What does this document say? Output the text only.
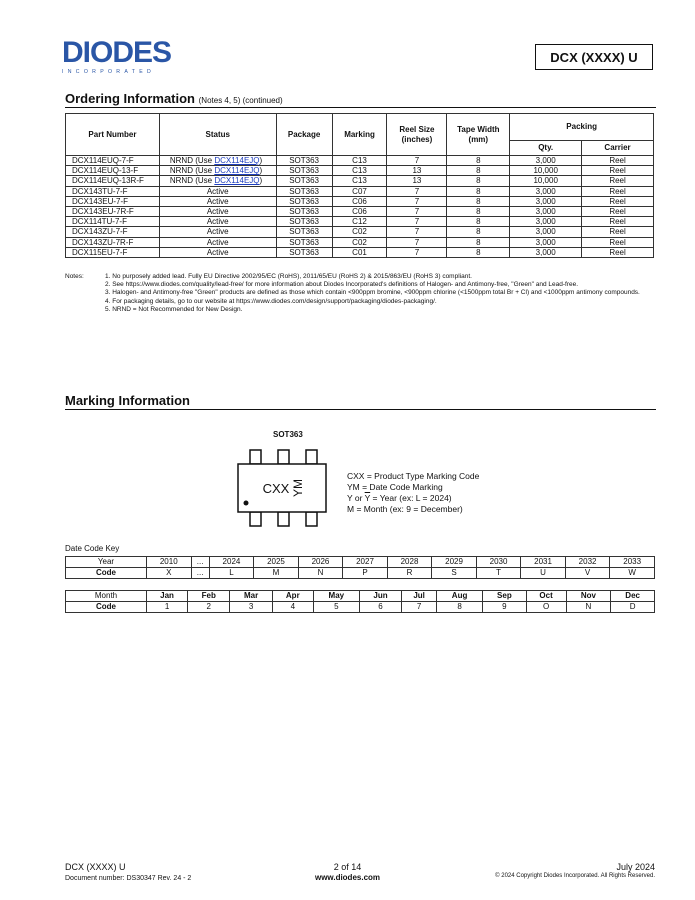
DIODES
INCORPORATED
DCX (XXXX) U
Ordering Information (Notes 4, 5) (continued)
Part Number	Status	Package	Marking	Reel Size (inches)	Tape Width (mm)	Packing	
						Qty.	Carrier
DCX114EUQ-7-F	NRND (Use DCX114EJQ)	SOT363	C13	7	8	3,000	Reel
DCX114EUQ-13-F	NRND (Use DCX114EJQ)	SOT363	C13	13	8	10,000	Reel
DCX114EUQ-13R-F	NRND (Use DCX114EJQ)	SOT363	C13	13	8	10,000	Reel
DCX143TU-7-F	Active	SOT363	C07	7	8	3,000	Reel
DCX143EU-7-F	Active	SOT363	C06	7	8	3,000	Reel
DCX143EU-7R-F	Active	SOT363	C06	7	8	3,000	Reel
DCX114TU-7-F	Active	SOT363	C12	7	8	3,000	Reel
DCX143ZU-7-F	Active	SOT363	C02	7	8	3,000	Reel
DCX143ZU-7R-F	Active	SOT363	C02	7	8	3,000	Reel
DCX115EU-7-F	Active	SOT363	C01	7	8	3,000	Reel
Notes:	1. No purposely added lead. Fully EU Directive 2002/95/EC (RoHS), 2011/65/EU (RoHS 2) & 2015/863/EU (RoHS 3) compliant.
2. See https://www.diodes.com/quality/lead-free/ for more information about Diodes Incorporated's definitions of Halogen- and Antimony-free, "Green" and Lead-free.
3. Halogen- and Antimony-free "Green" products are defined as those which contain <900ppm bromine, <900ppm chlorine (<1500ppm total Br + Cl) and <1000ppm antimony compounds.
4. For packaging details, go to our website at https://www.diodes.com/design/support/packaging/diodes-packaging/.
5. NRND = Not Recommended for New Design.
Marking Information
SOT363
CXX YM
CXX = Product Type Marking Code
YM = Date Code Marking
Y or $\overline{Y}$ = Year (ex: L = 2024)
M = Month (ex: 9 = December)
Date Code Key
Year	2010	...	2024	2025	2026	2027	2028	2029	2030	2031	2032	2033
Code	X	...	L	M	N	P	R	S	T	U	V	W
Month	Jan	Feb	Mar	Apr	May	Jun	Jul	Aug	Sep	Oct	Nov	Dec
Code	1	2	3	4	5	6	7	8	9	O	N	D
DCX (XXXX) U
Document number: DS30347 Rev. 24 - 2
2 of 14
www.diodes.com
July 2024
© 2024 Copyright Diodes Incorporated. All Rights Reserved.
